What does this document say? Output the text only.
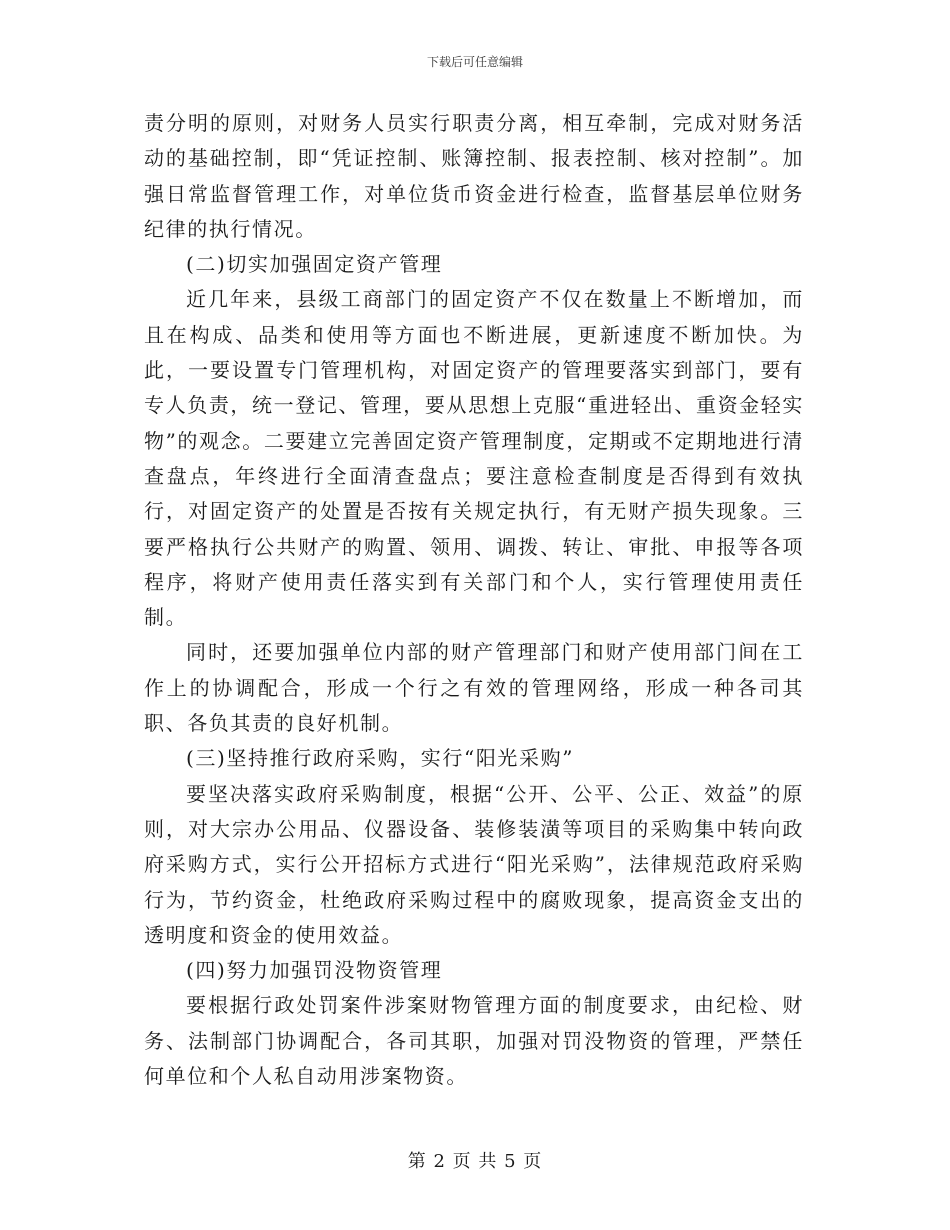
下载后可任意编辑

责分明的原则，对财务人员实行职责分离，相互牵制，完成对财务活动的基础控制，即“凭证控制、账簿控制、报表控制、核对控制”。加强日常监督管理工作，对单位货币资金进行检查，监督基层单位财务纪律的执行情况。

(二)切实加强固定资产管理

近几年来，县级工商部门的固定资产不仅在数量上不断增加，而且在构成、品类和使用等方面也不断进展，更新速度不断加快。为此，一要设置专门管理机构，对固定资产的管理要落实到部门，要有专人负责，统一登记、管理，要从思想上克服“重进轻出、重资金轻实物”的观念。二要建立完善固定资产管理制度，定期或不定期地进行清查盘点，年终进行全面清查盘点；要注意检查制度是否得到有效执行，对固定资产的处置是否按有关规定执行，有无财产损失现象。三要严格执行公共财产的购置、领用、调拨、转让、审批、申报等各项程序，将财产使用责任落实到有关部门和个人，实行管理使用责任制。

同时，还要加强单位内部的财产管理部门和财产使用部门间在工作上的协调配合，形成一个行之有效的管理网络，形成一种各司其职、各负其责的良好机制。

(三)坚持推行政府采购，实行“阳光采购”

要坚决落实政府采购制度，根据“公开、公平、公正、效益”的原则，对大宗办公用品、仪器设备、装修装潢等项目的采购集中转向政府采购方式，实行公开招标方式进行“阳光采购”，法律规范政府采购行为，节约资金，杜绝政府采购过程中的腐败现象，提高资金支出的透明度和资金的使用效益。

(四)努力加强罚没物资管理

要根据行政处罚案件涉案财物管理方面的制度要求，由纪检、财务、法制部门协调配合，各司其职，加强对罚没物资的管理，严禁任何单位和个人私自动用涉案物资。

第 2 页 共 5 页
